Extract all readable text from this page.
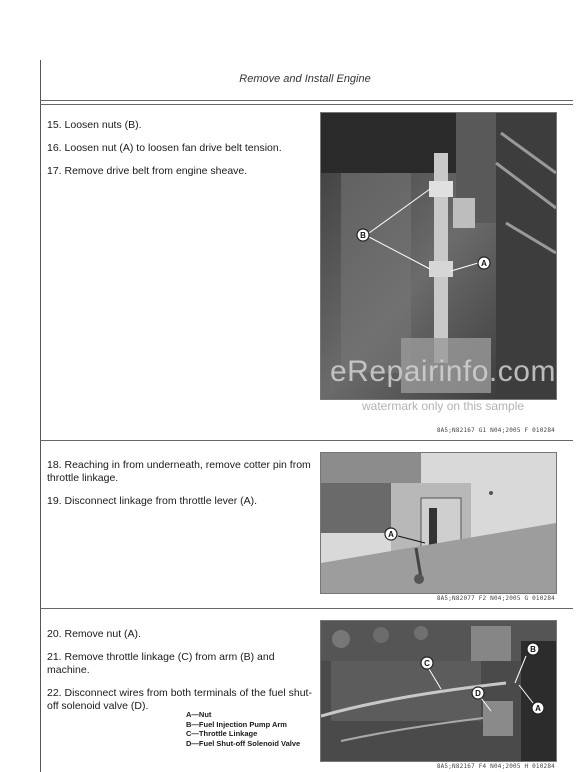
Remove and Install Engine

15. Loosen nuts (B).

16. Loosen nut (A) to loosen fan drive belt tension.

17. Remove drive belt from engine sheave.

B
A
eRepairinfo.com
watermark only on this sample
8A5;N82167 G1 N04;2005 F 010284

18. Reaching in from underneath, remove cotter pin from throttle linkage.

19. Disconnect linkage from throttle lever (A).

A
8A5;N82077 F2 N04;2005 G 010284

20. Remove nut (A).

21. Remove throttle linkage (C) from arm (B) and machine.

22. Disconnect wires from both terminals of the fuel shut-off solenoid valve (D).

A—Nut
B—Fuel Injection Pump Arm
C—Throttle Linkage
D—Fuel Shut-off Solenoid Valve
B
C
D
A
8A5;N82167 F4 N04;2005 H 010284
